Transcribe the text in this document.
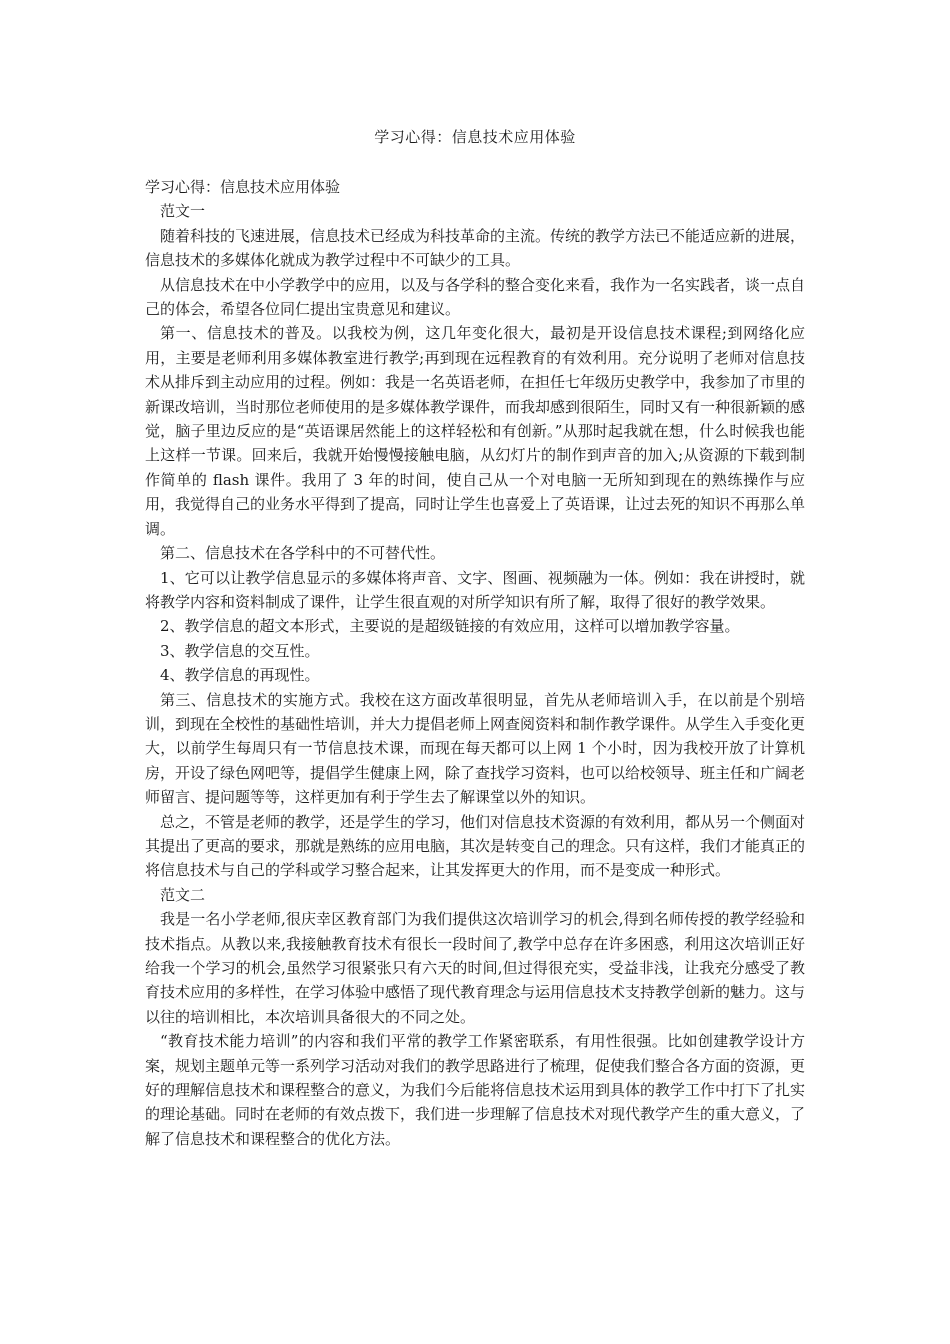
学习心得：信息技术应用体验

学习心得：信息技术应用体验

范文一

随着科技的飞速进展，信息技术已经成为科技革命的主流。传统的教学方法已不能适应新的进展，信息技术的多媒体化就成为教学过程中不可缺少的工具。

从信息技术在中小学教学中的应用，以及与各学科的整合变化来看，我作为一名实践者，谈一点自己的体会，希望各位同仁提出宝贵意见和建议。

第一、信息技术的普及。以我校为例，这几年变化很大，最初是开设信息技术课程;到网络化应用，主要是老师利用多媒体教室进行教学;再到现在远程教育的有效利用。充分说明了老师对信息技术从排斥到主动应用的过程。例如：我是一名英语老师，在担任七年级历史教学中，我参加了市里的新课改培训，当时那位老师使用的是多媒体教学课件，而我却感到很陌生，同时又有一种很新颖的感觉，脑子里边反应的是“英语课居然能上的这样轻松和有创新。”从那时起我就在想，什么时候我也能上这样一节课。回来后，我就开始慢慢接触电脑，从幻灯片的制作到声音的加入;从资源的下载到制作简单的 flash 课件。我用了 3 年的时间，使自己从一个对电脑一无所知到现在的熟练操作与应用，我觉得自己的业务水平得到了提高，同时让学生也喜爱上了英语课，让过去死的知识不再那么单调。

第二、信息技术在各学科中的不可替代性。

1、它可以让教学信息显示的多媒体将声音、文字、图画、视频融为一体。例如：我在讲授时，就将教学内容和资料制成了课件，让学生很直观的对所学知识有所了解，取得了很好的教学效果。

2、教学信息的超文本形式，主要说的是超级链接的有效应用，这样可以增加教学容量。

3、教学信息的交互性。

4、教学信息的再现性。

第三、信息技术的实施方式。我校在这方面改革很明显，首先从老师培训入手，在以前是个别培训，到现在全校性的基础性培训，并大力提倡老师上网查阅资料和制作教学课件。从学生入手变化更大，以前学生每周只有一节信息技术课，而现在每天都可以上网 1 个小时，因为我校开放了计算机房，开设了绿色网吧等，提倡学生健康上网，除了查找学习资料，也可以给校领导、班主任和广阔老师留言、提问题等等，这样更加有利于学生去了解课堂以外的知识。

总之，不管是老师的教学，还是学生的学习，他们对信息技术资源的有效利用，都从另一个侧面对其提出了更高的要求，那就是熟练的应用电脑，其次是转变自己的理念。只有这样，我们才能真正的将信息技术与自己的学科或学习整合起来，让其发挥更大的作用，而不是变成一种形式。

范文二

我是一名小学老师,很庆幸区教育部门为我们提供这次培训学习的机会,得到名师传授的教学经验和技术指点。从教以来,我接触教育技术有很长一段时间了,教学中总存在许多困惑，利用这次培训正好给我一个学习的机会,虽然学习很紧张只有六天的时间,但过得很充实，受益非浅，让我充分感受了教育技术应用的多样性，在学习体验中感悟了现代教育理念与运用信息技术支持教学创新的魅力。这与以往的培训相比，本次培训具备很大的不同之处。

“教育技术能力培训”的内容和我们平常的教学工作紧密联系，有用性很强。比如创建教学设计方案，规划主题单元等一系列学习活动对我们的教学思路进行了梳理，促使我们整合各方面的资源，更好的理解信息技术和课程整合的意义，为我们今后能将信息技术运用到具体的教学工作中打下了扎实的理论基础。同时在老师的有效点拨下，我们进一步理解了信息技术对现代教学产生的重大意义，了解了信息技术和课程整合的优化方法。
